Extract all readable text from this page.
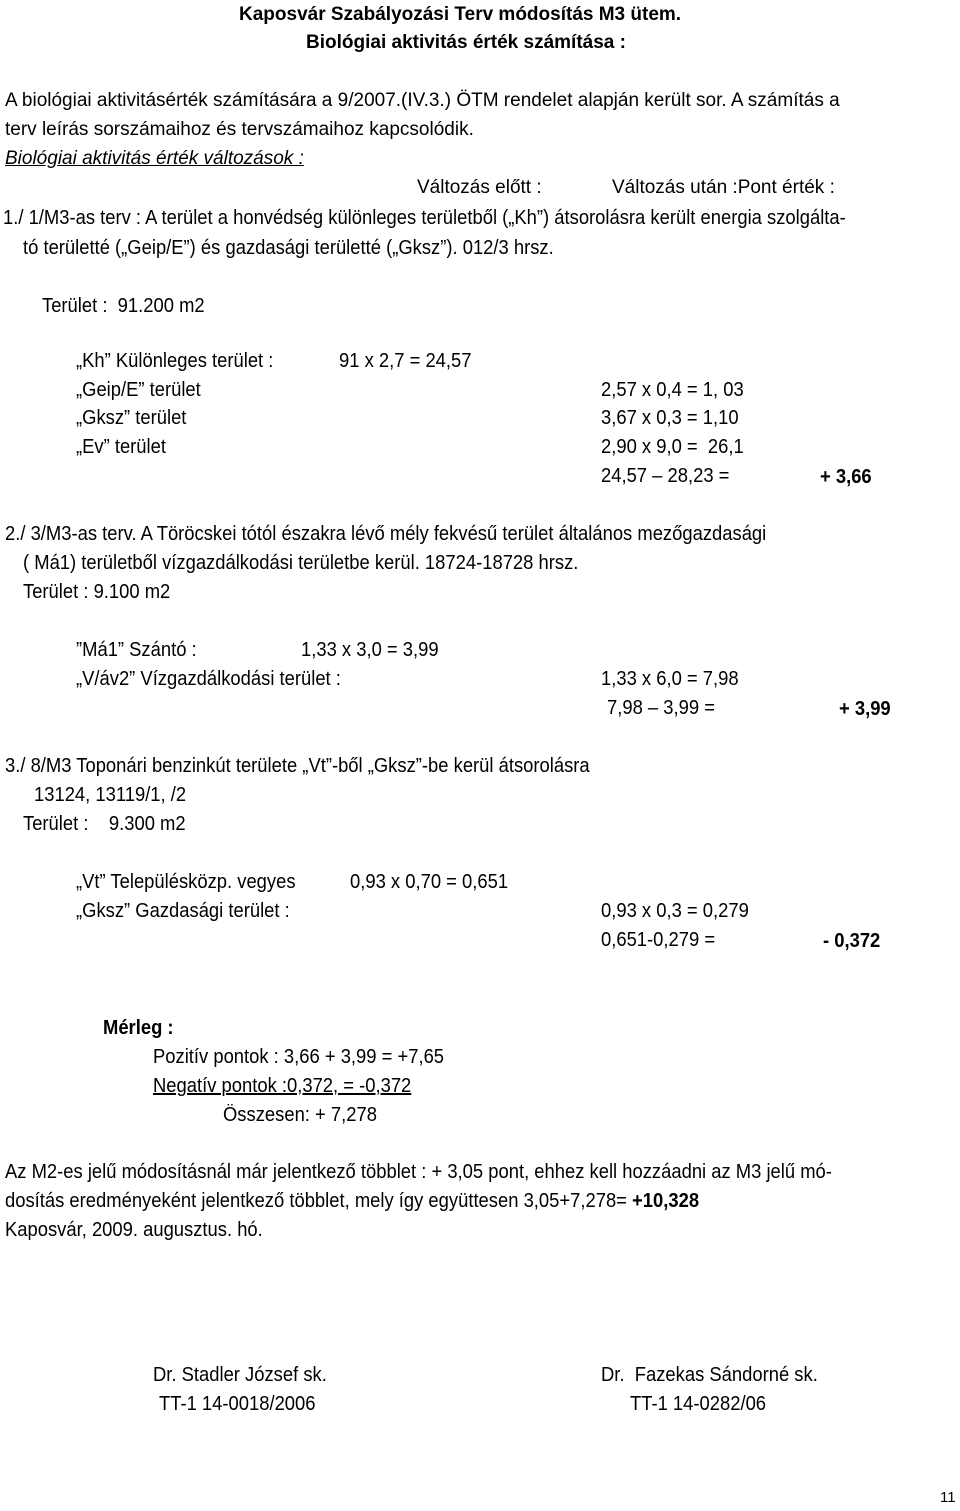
Kaposvár Szabályozási Terv módosítás M3 ütem.
Biológiai aktivitás érték számítása :
A biológiai aktivitásérték számítására a 9/2007.(IV.3.) ÖTM rendelet alapján került sor. A számítás a
terv leírás sorszámaihoz és tervszámaihoz kapcsolódik.
Biológiai aktivitás érték változások :
Változás előtt :	Változás után :Pont érték :
1./ 1/M3-as terv : A terület a honvédség különleges területből („Kh”) átsorolásra került energia szolgálta-
tó területté („Geip/E”) és gazdasági területté („Gksz”). 012/3 hrsz.
Terület :  91.200 m2
„Kh” Különleges terület :	91 x 2,7 = 24,57
„Geip/E” terület	2,57 x 0,4 = 1, 03
„Gksz” terület	3,67 x 0,3 = 1,10
„Ev” terület	2,90 x 9,0 =  26,1
24,57 – 28,23 =	+ 3,66
2./ 3/M3-as terv. A Töröcskei tótól északra lévő mély fekvésű terület általános mezőgazdasági
( Má1) területből vízgazdálkodási területbe kerül. 18724-18728 hrsz.
Terület : 9.100 m2
”Má1” Szántó :	1,33 x 3,0 = 3,99
„V/áv2” Vízgazdálkodási terület :	1,33 x 6,0 = 7,98
7,98 – 3,99 =	+ 3,99
3./ 8/M3 Toponári benzinkút területe „Vt”-ből „Gksz”-be kerül átsorolásra
13124, 13119/1, /2
Terület :    9.300 m2
„Vt” Településközp. vegyes	0,93 x 0,70 = 0,651
„Gksz” Gazdasági terület :	0,93 x 0,3 = 0,279
0,651-0,279 =	- 0,372
Mérleg :
Pozitív pontok : 3,66 + 3,99 = +7,65
Negatív pontok :0,372, = -0,372
Összesen: + 7,278
Az M2-es jelű módosításnál már jelentkező többlet : + 3,05 pont, ehhez kell hozzáadni az M3 jelű mó-
dosítás eredményeként jelentkező többlet, mely így együttesen 3,05+7,278= +10,328
Kaposvár, 2009. augusztus. hó.
Dr. Stadler József sk.
TT-1 14-0018/2006
Dr.  Fazekas Sándorné sk.
TT-1 14-0282/06
11
